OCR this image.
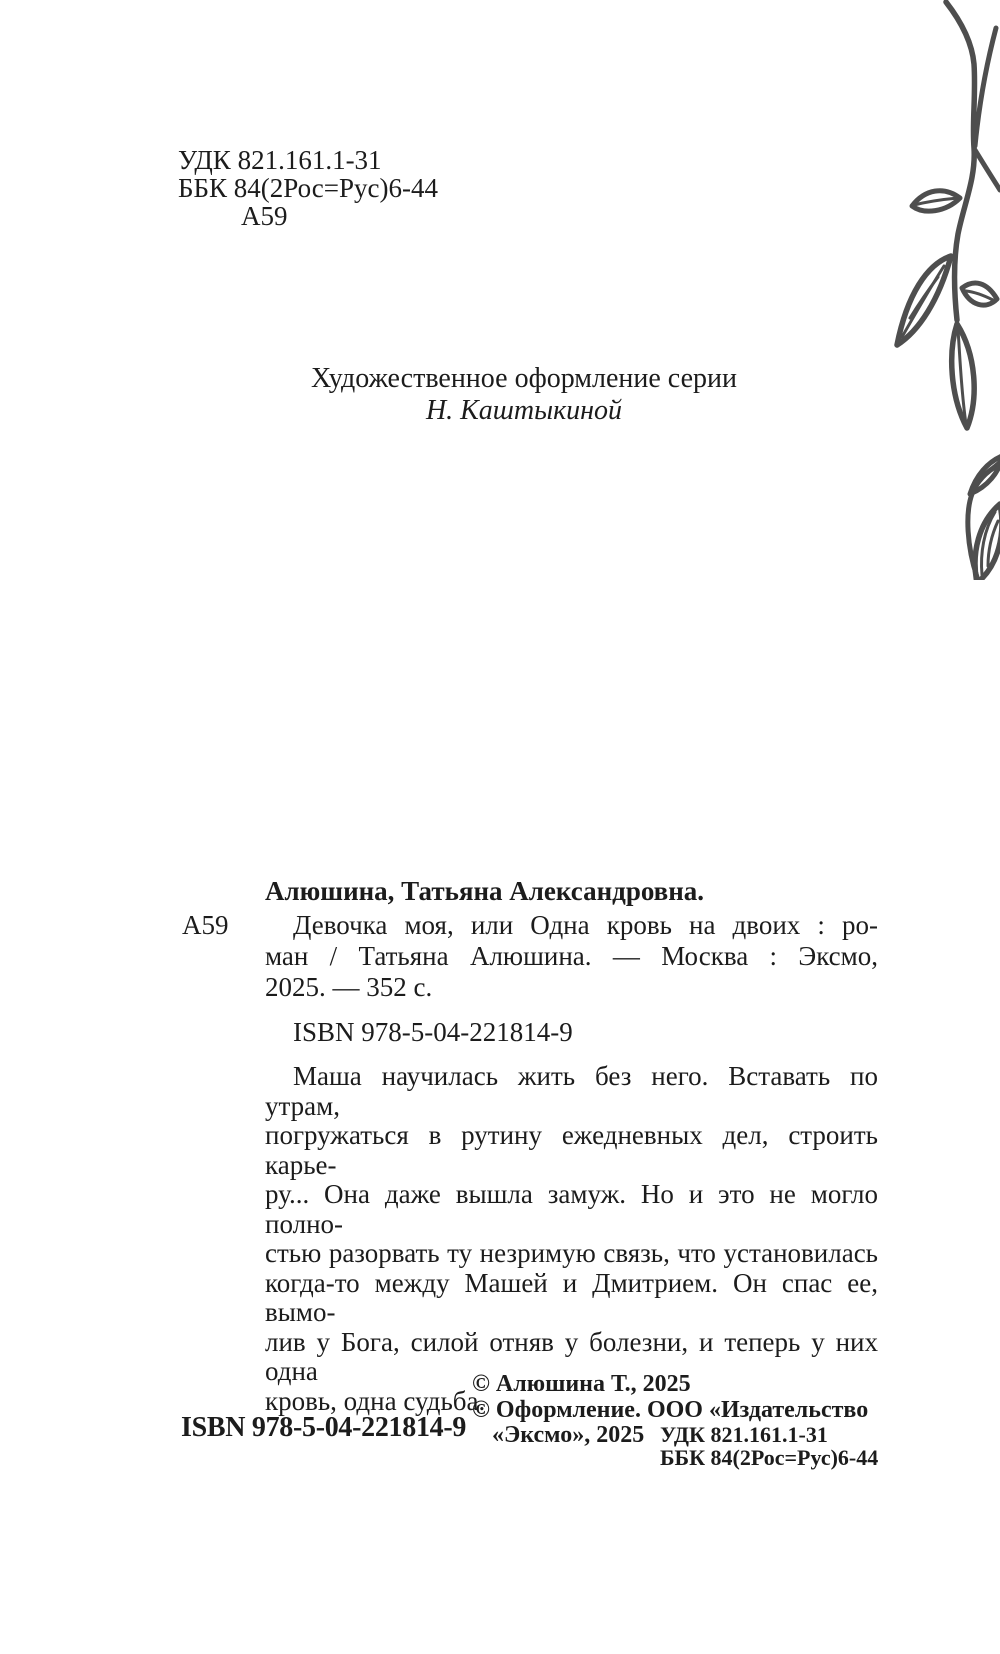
УДК 821.161.1-31
ББК 84(2Рос=Рус)6-44
А59
Художественное оформление серии
Н. Каштыкиной
Алюшина, Татьяна Александровна.
А59	Девочка моя, или Одна кровь на двоих : ро-
ман / Татьяна Алюшина. — Москва : Эксмо,
2025. — 352 с.
ISBN 978-5-04-221814-9
Маша научилась жить без него. Вставать по утрам,
погружаться в рутину ежедневных дел, строить карье-
ру... Она даже вышла замуж. Но и это не могло полно-
стью разорвать ту незримую связь, что установилась
когда-то между Машей и Дмитрием. Он спас ее, вымо-
лив у Бога, силой отняв у болезни, и теперь у них одна
кровь, одна судьба.
УДК 821.161.1-31
ББК 84(2Рос=Рус)6-44
ISBN 978-5-04-221814-9
© Алюшина Т., 2025
© Оформление. ООО «Издательство
«Эксмо», 2025
